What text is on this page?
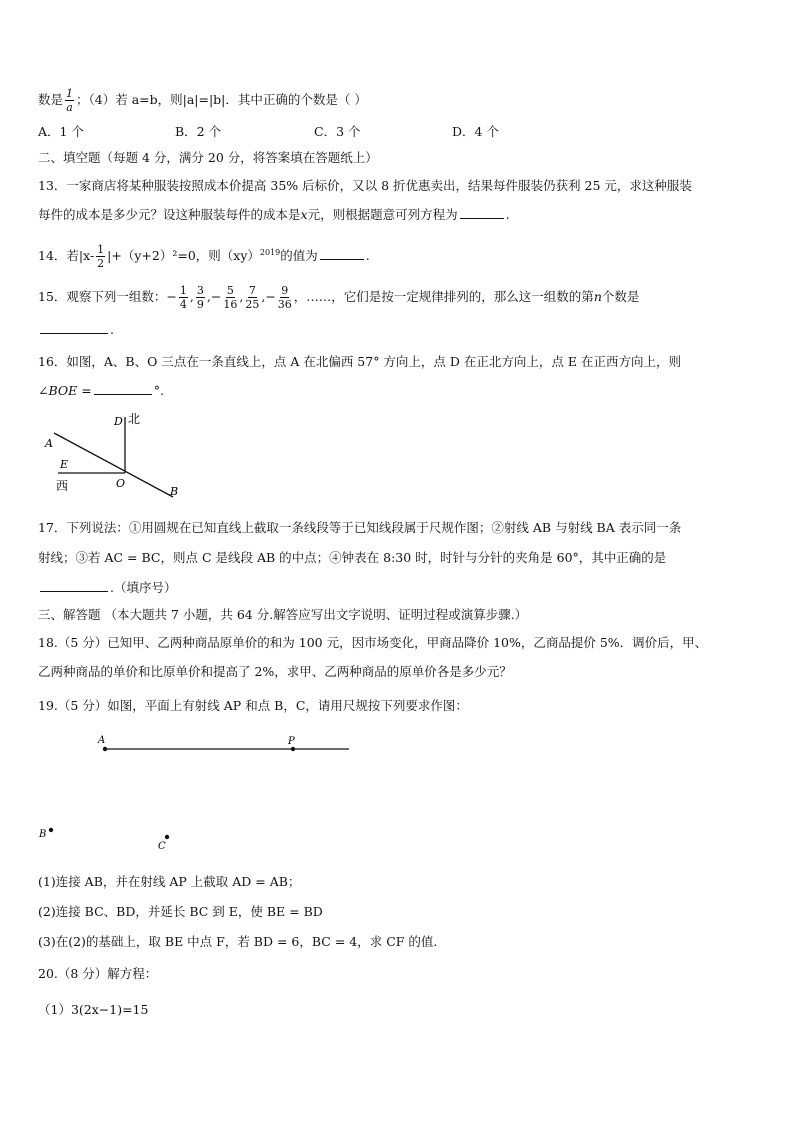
数是 $\frac{1}{a}$ ；（4）若 a=b，则|a|=|b|．其中正确的个数是（ ）
A．1 个	B．2 个	C．3 个	D．4 个
二、填空题（每题 4 分，满分 20 分，将答案填在答题纸上）
13．一家商店将某种服装按照成本价提高 35% 后标价，又以 8 折优惠卖出，结果每件服装仍获利 25 元，求这种服装
每件的成本是多少元？设这种服装每件的成本是x元，则根据题意可列方程为	.
14．若$|x- \frac{1}{2} |+(y+2)^2=0$，则（xy）$^{2019}$的值为	.
15．观察下列一组数：− $\frac{1}{4}$ , $\frac{3}{9}$ ,− $\frac{5}{16}$ , $\frac{7}{25}$ ,− $\frac{9}{36}$ ，……，它们是按一定规律排列的，那么这一组数的第n个数是
.
16．如图，A、B、O 三点在一条直线上，点 A 在北偏西 57° 方向上，点 D 在正北方向上，点 E 在正西方向上，则
∠BOE =	°.
A
D 北
E
西	O
B
17．下列说法：①用圆规在已知直线上截取一条线段等于已知线段属于尺规作图；②射线 AB 与射线 BA 表示同一条
射线；③若 AC = BC，则点 C 是线段 AB 的中点；④钟表在 8:30 时，时针与分针的夹角是 60°，其中正确的是
.（填序号）
三、解答题 （本大题共 7 小题，共 64 分.解答应写出文字说明、证明过程或演算步骤.）
18.（5 分）已知甲、乙两种商品原单价的和为 100 元，因市场变化，甲商品降价 10%，乙商品提价 5%．调价后，甲、
乙两种商品的单价和比原单价和提高了 2%，求甲、乙两种商品的原单价各是多少元？
19.（5 分）如图，平面上有射线 AP 和点 B，C，请用尺规按下列要求作图：
A	P
B
C
(1)连接 AB，并在射线 AP 上截取 AD = AB；
(2)连接 BC、BD，并延长 BC 到 E，使 BE = BD
(3)在(2)的基础上，取 BE 中点 F，若 BD = 6，BC = 4，求 CF 的值.
20.（8 分）解方程：
（1）3(2x−1)=15
